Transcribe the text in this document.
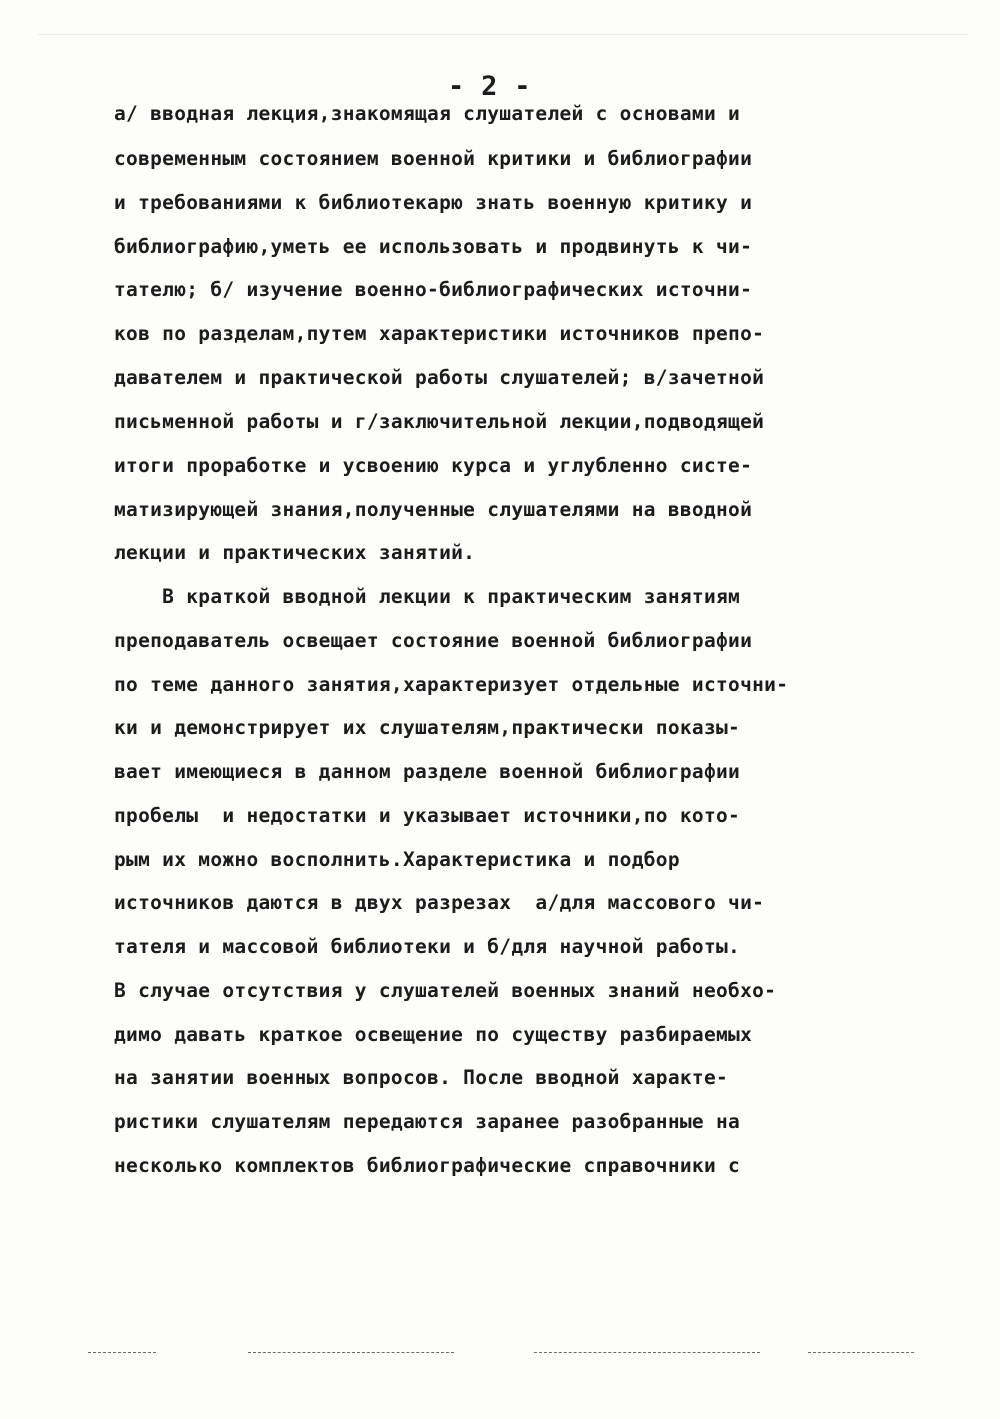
- 2 -
а/ вводная лекция,знакомящая слушателей с основами и
современным состоянием военной критики и библиографии
и требованиями к библиотекарю знать военную критику и
библиографию,уметь ее использовать и продвинуть к чи-
тателю; б/ изучение военно-библиографических источни-
ков по разделам,путем характеристики источников препо-
давателем и практической работы слушателей; в/зачетной
письменной работы и г/заключительной лекции,подводящей
итоги проработке и усвоению курса и углубленно систе-
матизирующей знания,полученные слушателями на вводной
лекции и практических занятий.
В краткой вводной лекции к практическим занятиям
преподаватель освещает состояние военной библиографии
по теме данного занятия,характеризует отдельные источни-
ки и демонстрирует их слушателям,практически показы-
вает имеющиеся в данном разделе военной библиографии
пробелы  и недостатки и указывает источники,по кото-
рым их можно восполнить.Характеристика и подбор
источников даются в двух разрезах  а/для массового чи-
тателя и массовой библиотеки и б/для научной работы.
В случае отсутствия у слушателей военных знаний необхо-
димо давать краткое освещение по существу разбираемых
на занятии военных вопросов. После вводной характе-
ристики слушателям передаются заранее разобранные на
несколько комплектов библиографические справочники с
